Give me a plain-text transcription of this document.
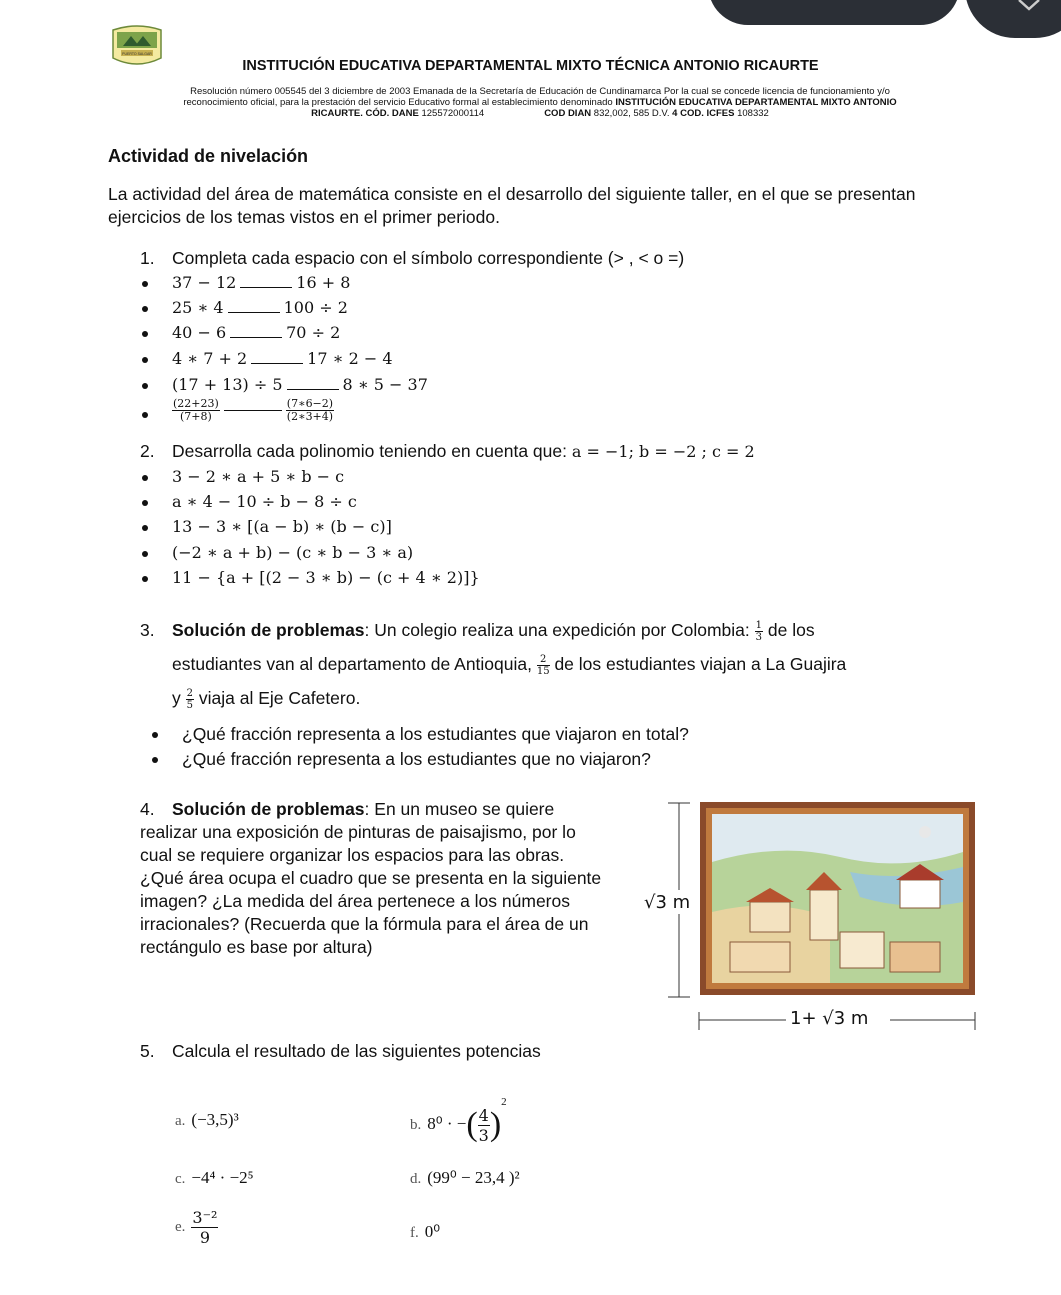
PUERTO SALGAR
INSTITUCIÓN EDUCATIVA DEPARTAMENTAL MIXTO TÉCNICA ANTONIO RICAURTE
Resolución número 005545 del 3 diciembre de 2003 Emanada de la Secretaría de Educación de Cundinamarca Por la cual se concede licencia de funcionamiento y/o
reconocimiento oficial, para la prestación del servicio Educativo formal al establecimiento denominado INSTITUCIÓN EDUCATIVA DEPARTAMENTAL MIXTO ANTONIO
RICAURTE. CÓD. DANE 125572000114	COD DIAN 832,002, 585 D.V. 4 COD. ICFES 108332
Actividad de nivelación
La actividad del área de matemática consiste en el desarrollo del siguiente taller, en el que se presentan ejercicios de los temas vistos en el primer periodo.
1. Completa cada espacio con el símbolo correspondiente (> , < o =)
37 − 12	16 + 8
25 ∗ 4	100 ÷ 2
40 − 6	70 ÷ 2
4 ∗ 7 + 2	17 ∗ 2 − 4
(17 + 13) ÷ 5	8 ∗ 5 − 37
$\frac{(22+23)}{(7+8)}$	$\frac{(7∗6-2)}{(2∗3+4)}$
2. Desarrolla cada polinomio teniendo en cuenta que: a = −1; b = −2 ; c = 2
3 − 2 ∗ a + 5 ∗ b − c
a ∗ 4 − 10 ÷ b − 8 ÷ c
13 − 3 ∗ [(a − b) ∗ (b − c)]
(−2 ∗ a + b) − (c ∗ b − 3 ∗ a)
11 − {a + [(2 − 3 ∗ b) − (c + 4 ∗ 2)]}
3. Solución de problemas: Un colegio realiza una expedición por Colombia: $\frac{1}{3}$ de los
estudiantes van al departamento de Antioquia, $\frac{2}{15}$ de los estudiantes viajan a La Guajira
y $\frac{2}{5}$ viaja al Eje Cafetero.
¿Qué fracción representa a los estudiantes que viajaron en total?
¿Qué fracción representa a los estudiantes que no viajaron?
4. Solución de problemas: En un museo se quiere realizar una exposición de pinturas de paisajismo, por lo cual se requiere organizar los espacios para las obras. ¿Qué área ocupa el cuadro que se presenta en la siguiente imagen? ¿La medida del área pertenece a los números irracionales? (Recuerda que la fórmula para el área de un rectángulo es base por altura)
√3 m
1+ √3 m
5. Calcula el resultado de las siguientes potencias
a. (−3,5)³	b. 8⁰ · −( $\frac{4}{3} )^2$
c. −4⁴ · −2⁵	d. (99⁰ − 23,4 )²
e. $\frac{\text{3⁻²}}{9}$	f. 0⁰
